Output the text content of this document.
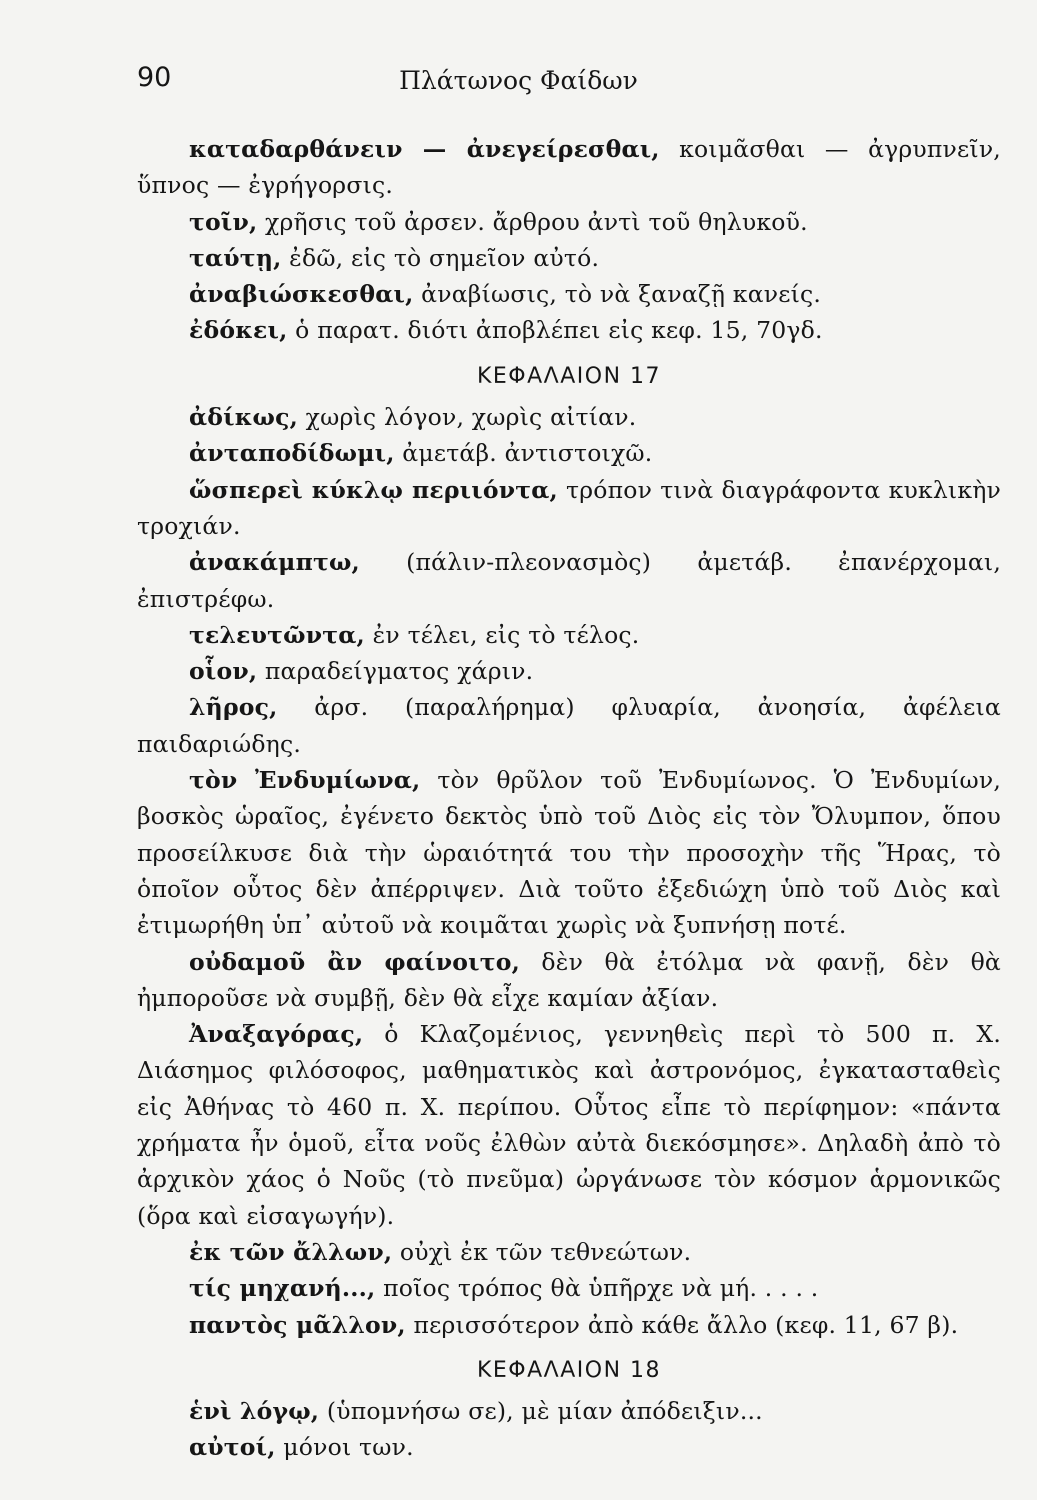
90	Πλάτωνος Φαίδων

καταδαρθάνειν — ἀνεγείρεσθαι, κοιμᾶσθαι — ἀγρυπνεῖν, ὕπνος — ἐγρήγορσις.

τοῖν, χρῆσις τοῦ ἀρσεν. ἄρθρου ἀντὶ τοῦ θηλυκοῦ.

ταύτῃ, ἐδῶ, εἰς τὸ σημεῖον αὐτό.

ἀναβιώσκεσθαι, ἀναβίωσις, τὸ νὰ ξαναζῇ κανείς.

ἐδόκει, ὁ παρατ. διότι ἀποβλέπει εἰς κεφ. 15, 70γδ.

ΚΕΦΑΛΑΙΟΝ 17

ἀδίκως, χωρὶς λόγον, χωρὶς αἰτίαν.

ἀνταποδίδωμι, ἀμετάβ. ἀντιστοιχῶ.

ὥσπερεὶ κύκλῳ περιιόντα, τρόπον τινὰ διαγράφοντα κυκλικὴν τροχιάν.

ἀνακάμπτω, (πάλιν-πλεονασμὸς) ἀμετάβ. ἐπανέρχομαι, ἐπιστρέφω.

τελευτῶντα, ἐν τέλει, εἰς τὸ τέλος.

οἷον, παραδείγματος χάριν.

λῆρος, ἀρσ. (παραλήρημα) φλυαρία, ἀνοησία, ἀφέλεια παιδαριώδης.

τὸν Ἐνδυμίωνα, τὸν θρῦλον τοῦ Ἐνδυμίωνος. Ὁ Ἐνδυμίων, βοσκὸς ὡραῖος, ἐγένετο δεκτὸς ὑπὸ τοῦ Διὸς εἰς τὸν Ὄλυμπον, ὅπου προσείλκυσε διὰ τὴν ὡραιότητά του τὴν προσοχὴν τῆς Ἥρας, τὸ ὁποῖον οὗτος δὲν ἀπέρριψεν. Διὰ τοῦτο ἐξεδιώχη ὑπὸ τοῦ Διὸς καὶ ἐτιμωρήθη ὑπ᾽ αὐτοῦ νὰ κοιμᾶται χωρὶς νὰ ξυπνήσῃ ποτέ.

οὐδαμοῦ ἂν φαίνοιτο, δὲν θὰ ἐτόλμα νὰ φανῇ, δὲν θὰ ἠμποροῦσε νὰ συμβῇ, δὲν θὰ εἶχε καμίαν ἀξίαν.

Ἀναξαγόρας, ὁ Κλαζομένιος, γεννηθεὶς περὶ τὸ 500 π. Χ. Διάσημος φιλόσοφος, μαθηματικὸς καὶ ἀστρονόμος, ἐγκατασταθεὶς εἰς Ἀθήνας τὸ 460 π. Χ. περίπου. Οὗτος εἶπε τὸ περίφημον: «πάντα χρήματα ἦν ὁμοῦ, εἶτα νοῦς ἐλθὼν αὐτὰ διεκόσμησε». Δηλαδὴ ἀπὸ τὸ ἀρχικὸν χάος ὁ Νοῦς (τὸ πνεῦμα) ὠργάνωσε τὸν κόσμον ἁρμονικῶς (ὅρα καὶ εἰσαγωγήν).

ἐκ τῶν ἄλλων, οὐχὶ ἐκ τῶν τεθνεώτων.

τίς μηχανή..., ποῖος τρόπος θὰ ὑπῆρχε νὰ μή. . . . .

παντὸς μᾶλλον, περισσότερον ἀπὸ κάθε ἄλλο (κεφ. 11, 67 β).

ΚΕΦΑΛΑΙΟΝ 18

ἑνὶ λόγῳ, (ὑπομνήσω σε), μὲ μίαν ἀπόδειξιν...

αὐτοί, μόνοι των.
